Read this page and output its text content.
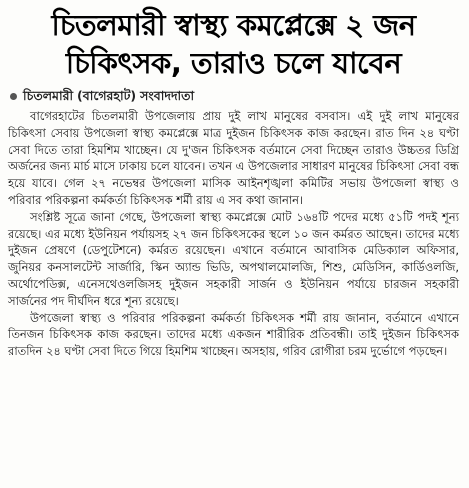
চিতলমারী স্বাস্থ্য কমপ্লেক্সে ২ জন চিকিৎসক, তারাও চলে যাবেন
চিতলমারী (বাগেরহাট) সংবাদদাতা

বাগেরহাটের চিতলমারী উপজেলায় প্রায় দুই লাখ মানুষের বসবাস। এই দুই লাখ মানুষের চিকিৎসা সেবায় উপজেলা স্বাস্থ্য কমপ্লেক্সে মাত্র দুইজন চিকিৎসক কাজ করছেন। রাত দিন ২৪ ঘণ্টা সেবা দিতে তারা হিমশিম খাচ্ছেন। যে দু'জন চিকিৎসক বর্তমানে সেবা দিচ্ছেন তারাও উচ্চতর ডিগ্রি অর্জনের জন্য মার্চ মাসে ঢাকায় চলে যাবেন। তখন এ উপজেলার সাধারণ মানুষের চিকিৎসা সেবা বন্ধ হয়ে যাবে। গেল ২৭ নভেম্বর উপজেলা মাসিক আইনশৃঙ্খলা কমিটির সভায় উপজেলা স্বাস্থ্য ও পরিবার পরিকল্পনা কর্মকর্তা চিকিৎসক শর্মী রায় এ সব কথা জানান।

সংশ্লিষ্ট সূত্রে জানা গেছে, উপজেলা স্বাস্থ্য কমপ্লেক্সে মোট ১৬৪টি পদের মধ্যে ৫১টি পদই শূন্য রয়েছে। এর মধ্যে ইউনিয়ন পর্যায়সহ ২৭ জন চিকিৎসকের স্থলে ১০ জন কর্মরত আছেন। তাদের মধ্যে দুইজন প্রেষণে (ডেপুটেশনে) কর্মরত রয়েছেন। এখানে বর্তমানে আবাসিক মেডিক্যাল অফিসার, জুনিয়র কনসালটেন্ট সার্জারি, স্কিন অ্যান্ড ভিডি, অপথালমোলজি, শিশু, মেডিসিন, কার্ডিওলজি, অর্থোপেডিক্স, এনেসথেওলজিসহ দুইজন সহকারী সার্জন ও ইউনিয়ন পর্যায়ে চারজন সহকারী সার্জনের পদ দীর্ঘদিন ধরে শূন্য রয়েছে।

উপজেলা স্বাস্থ্য ও পরিবার পরিকল্পনা কর্মকর্তা চিকিৎসক শর্মী রায় জানান, বর্তমানে এখানে তিনজন চিকিৎসক কাজ করছেন। তাদের মধ্যে একজন শারীরিক প্রতিবন্ধী। তাই দুইজন চিকিৎসক রাতদিন ২৪ ঘণ্টা সেবা দিতে গিয়ে হিমশিম খাচ্ছেন। অসহায়, গরিব রোগীরা চরম দুর্ভোগে পড়ছেন।
